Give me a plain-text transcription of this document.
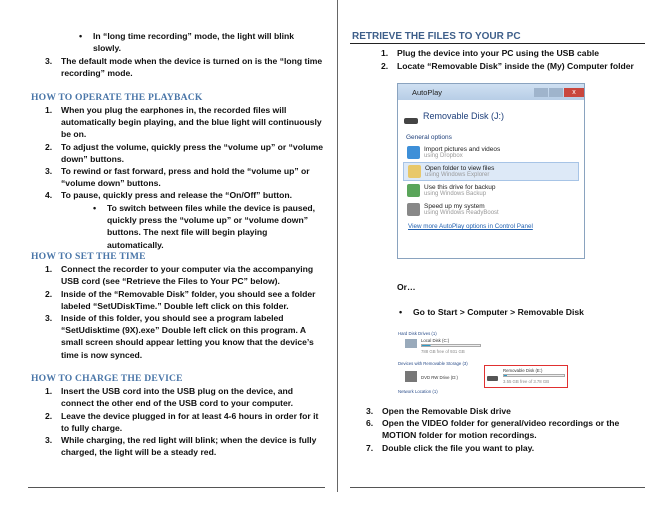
• In “long time recording” mode, the light will blink slowly.
3. The default mode when the device is turned on is the “long time recording” mode.
HOW TO OPERATE THE PLAYBACK
1. When you plug the earphones in, the recorded files will automatically begin playing, and the blue light will continuously be on.
2. To adjust the volume, quickly press the “volume up” or “volume down” buttons.
3. To rewind or fast forward, press and hold the “volume up” or “volume down” buttons.
4. To pause, quickly press and release the “On/Off” button.
• To switch between files while the device is paused, quickly press the “volume up” or “volume down” buttons. The next file will begin playing automatically.
HOW TO SET THE TIME
1. Connect the recorder to your computer via the accompanying USB cord (see “Retrieve the Files to Your PC” below).
2. Inside of the “Removable Disk” folder, you should see a folder labeled “SetUDiskTime.” Double left click on this folder.
3. Inside of this folder, you should see a program labeled “SetUdisktime (9X).exe” Double left click on this program. A small screen should appear letting you know that the device’s time is now synced.
HOW TO CHARGE THE DEVICE
1. Insert the USB cord into the USB plug on the device, and connect the other end of the USB cord to your computer.
2. Leave the device plugged in for at least 4-6 hours in order for it to fully charge.
3. While charging, the red light will blink; when the device is fully charged, the light will be a steady red.
RETRIEVE THE FILES TO YOUR PC
1. Plug the device into your PC using the USB cable
2. Locate “Removable Disk” inside the (My) Computer folder
AutoPlay	x
Removable Disk (J:)
General options
Import pictures and videos
using Dropbox
Open folder to view files
using Windows Explorer
Use this drive for backup
using Windows Backup
Speed up my system
using Windows ReadyBoost
View more AutoPlay options in Control Panel
Or…
• Go to Start > Computer > Removable Disk
Hard Disk Drives (1)
Local Disk (C:)
788 GB free of 931 GB
Devices with Removable Storage (3)
DVD RW Drive (D:)
Removable Disk (E:)
3.55 GB free of 3.78 GB
Network Location (1)
3. Open the Removable Disk drive
6. Open the VIDEO folder for general/video recordings or the MOTION folder for motion recordings.
7. Double click the file you want to play.
